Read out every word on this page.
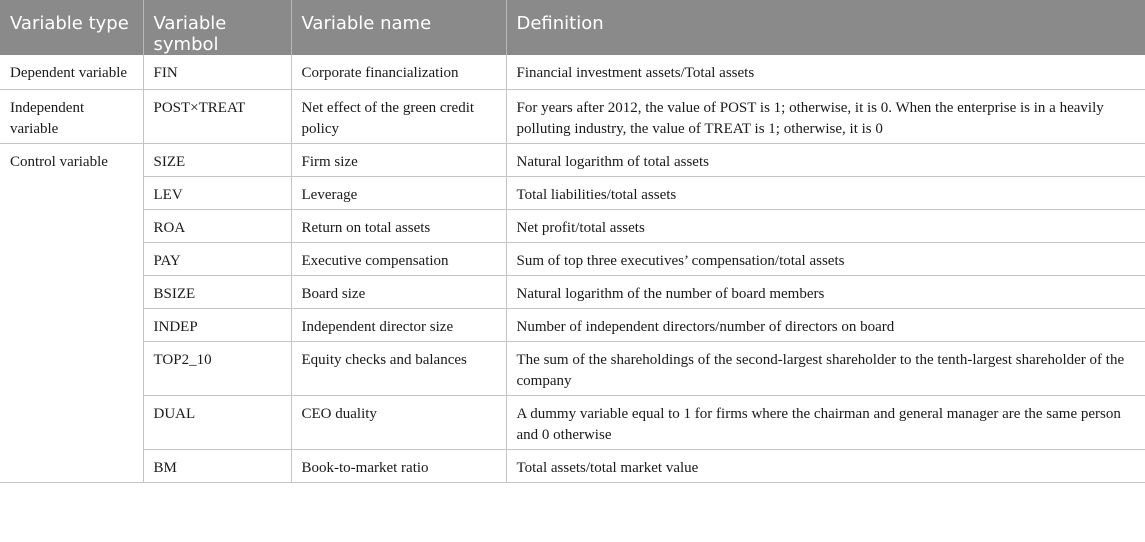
Variable type	Variable symbol	Variable name	Definition
Dependent variable	FIN	Corporate financialization	Financial investment assets/Total assets
Independent variable	POST×TREAT	Net effect of the green credit policy	For years after 2012, the value of POST is 1; otherwise, it is 0. When the enterprise is in a heavily polluting industry, the value of TREAT is 1; otherwise, it is 0
Control variable	SIZE	Firm size	Natural logarithm of total assets
	LEV	Leverage	Total liabilities/total assets
	ROA	Return on total assets	Net profit/total assets
	PAY	Executive compensation	Sum of top three executives’ compensation/total assets
	BSIZE	Board size	Natural logarithm of the number of board members
	INDEP	Independent director size	Number of independent directors/number of directors on board
	TOP2_10	Equity checks and balances	The sum of the shareholdings of the second-largest shareholder to the tenth-largest shareholder of the company
	DUAL	CEO duality	A dummy variable equal to 1 for firms where the chairman and general manager are the same person and 0 otherwise
	BM	Book-to-market ratio	Total assets/total market value
